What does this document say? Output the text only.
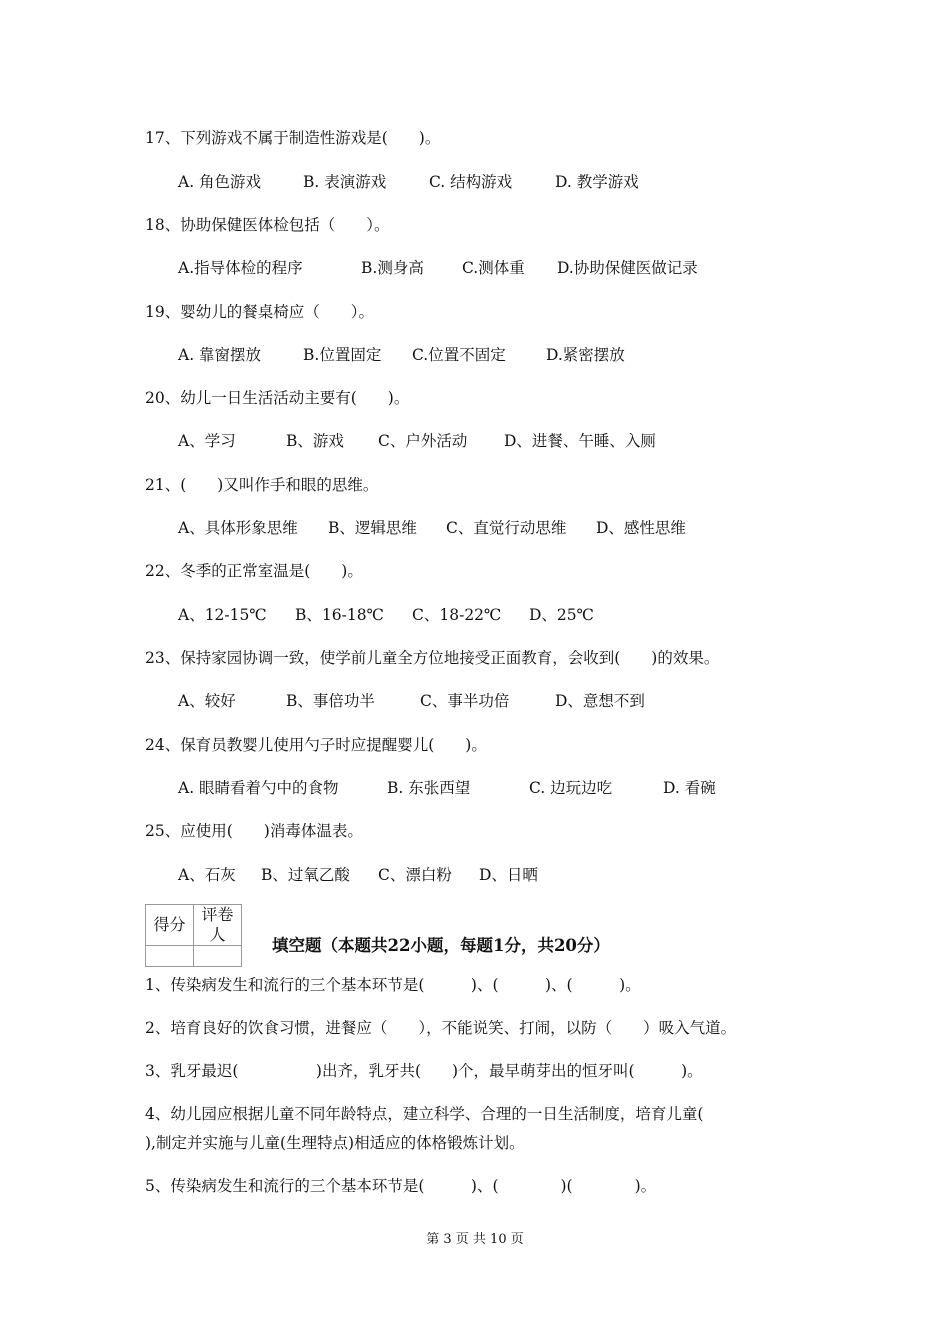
17、下列游戏不属于制造性游戏是(　　)。
A. 角色游戏	B. 表演游戏	C. 结构游戏	D. 教学游戏
18、协助保健医体检包括（　　）。
A.指导体检的程序	B.测身高 C.测体重 D.协助保健医做记录
19、婴幼儿的餐桌椅应（　　）。
A. 靠窗摆放	B.位置固定 C.位置不固定	D.紧密摆放
20、幼儿一日生活活动主要有(　　)。
A、学习	B、游戏 C、户外活动 D、进餐、午睡、入厕
21、(　　)又叫作手和眼的思维。
A、具体形象思维 B、逻辑思维 C、直觉行动思维 D、感性思维
22、冬季的正常室温是(　　)。
A、12-15℃ B、16-18℃ C、18-22℃ D、25℃
23、保持家园协调一致，使学前儿童全方位地接受正面教育，会收到(　　)的效果。
A、较好	B、事倍功半	C、事半功倍	D、意想不到
24、保育员教婴儿使用勺子时应提醒婴儿(　　)。
A. 眼睛看着勺中的食物	B. 东张西望	C. 边玩边吃	D. 看碗
25、应使用(　　)消毒体温表。
A、石灰 B、过氧乙酸 C、漂白粉 D、日晒
得分	评卷人

填空题（本题共22小题，每题1分，共20分）
1、传染病发生和流行的三个基本环节是(　　　)、(　　　)、(　　　)。
2、培育良好的饮食习惯，进餐应（　　），不能说笑、打闹，以防（　　）吸入气道。
3、乳牙最迟(　　　　　)出齐，乳牙共(　　)个，最早萌芽出的恒牙叫(　　　)。
4、幼儿园应根据儿童不同年龄特点，建立科学、合理的一日生活制度，培育儿童(
),制定并实施与儿童(生理特点)相适应的体格锻炼计划。
5、传染病发生和流行的三个基本环节是(　　　)、(　　　　)(　　　　)。
第 3 页 共 10 页
